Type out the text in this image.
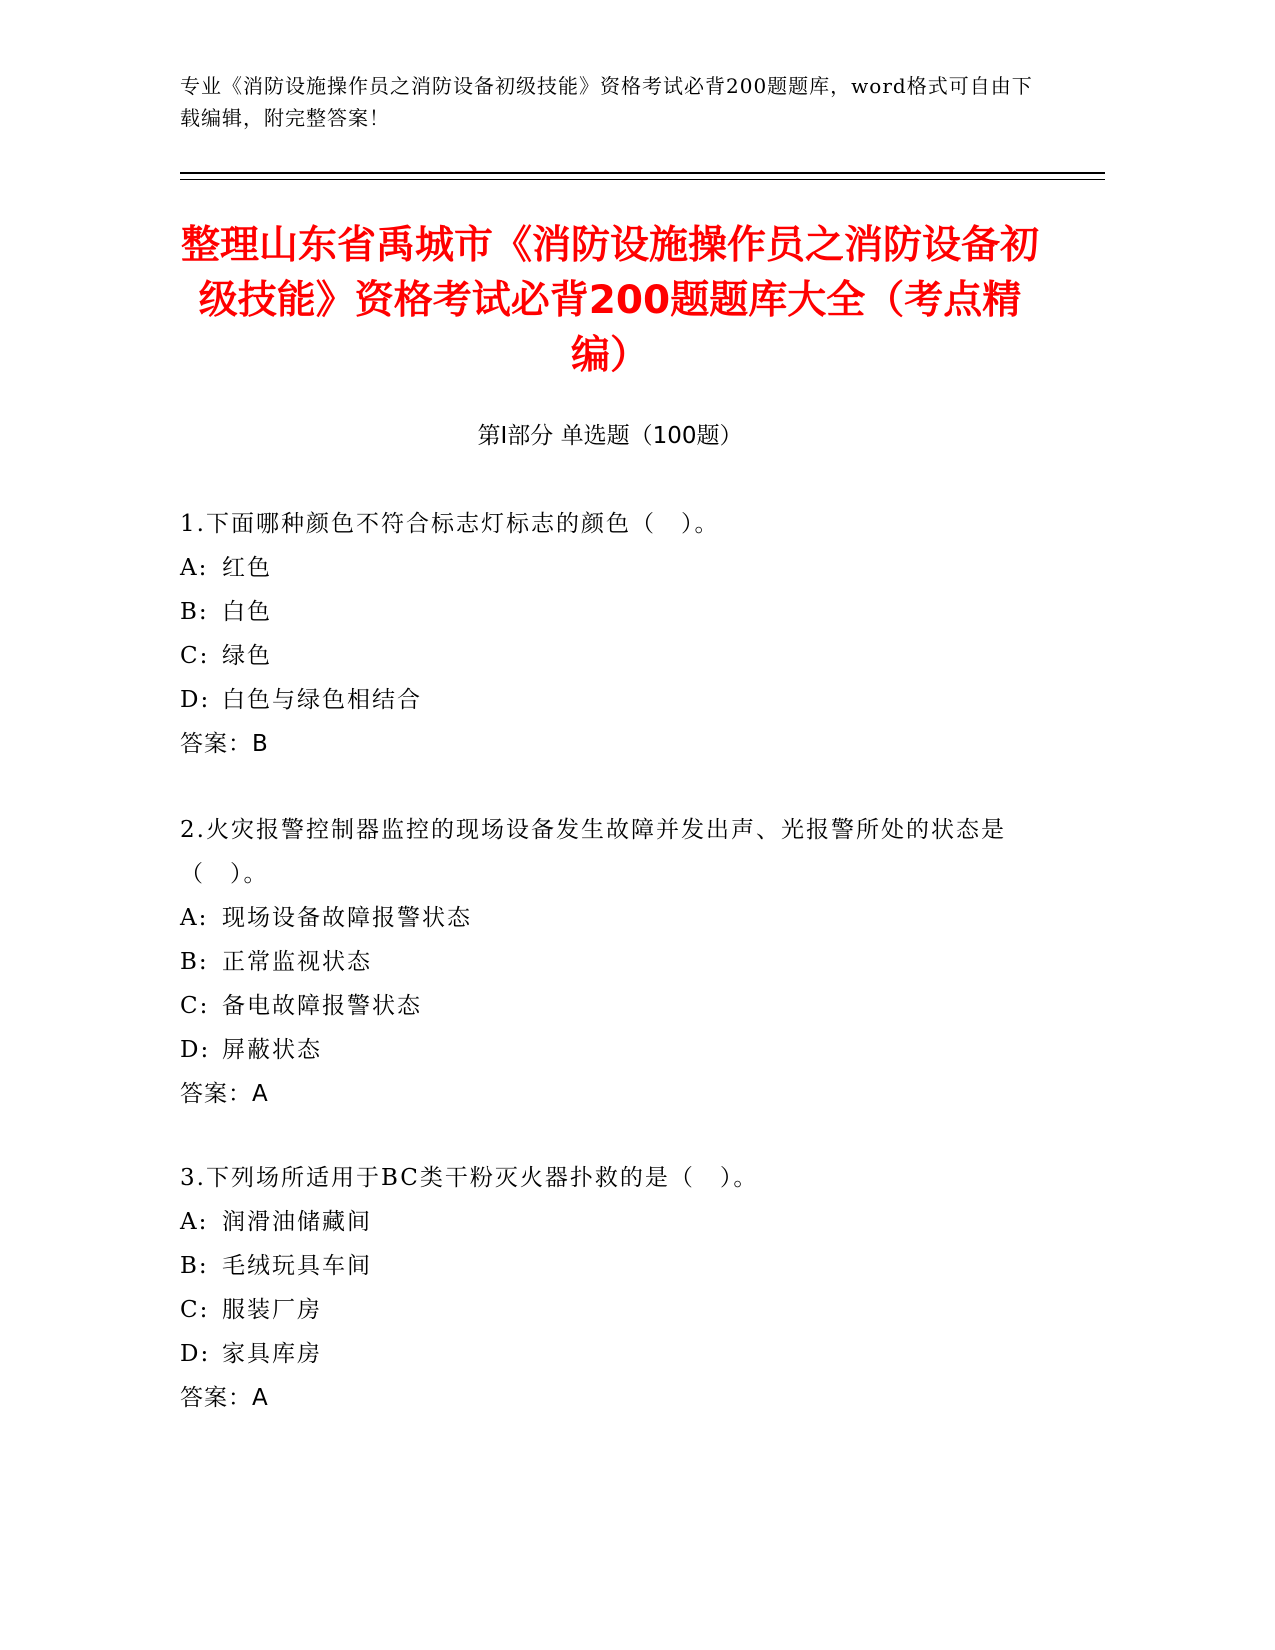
专业《消防设施操作员之消防设备初级技能》资格考试必背200题题库，word格式可自由下载编辑，附完整答案！
整理山东省禹城市《消防设施操作员之消防设备初级技能》资格考试必背200题题库大全（考点精编）
第Ⅰ部分 单选题（100题）
1.下面哪种颜色不符合标志灯标志的颜色（　）。
A: 红色
B: 白色
C: 绿色
D: 白色与绿色相结合
答案：B
2.火灾报警控制器监控的现场设备发生故障并发出声、光报警所处的状态是（　）。
A: 现场设备故障报警状态
B: 正常监视状态
C: 备电故障报警状态
D: 屏蔽状态
答案：A
3.下列场所适用于BC类干粉灭火器扑救的是（　）。
A: 润滑油储藏间
B: 毛绒玩具车间
C: 服装厂房
D: 家具库房
答案：A
